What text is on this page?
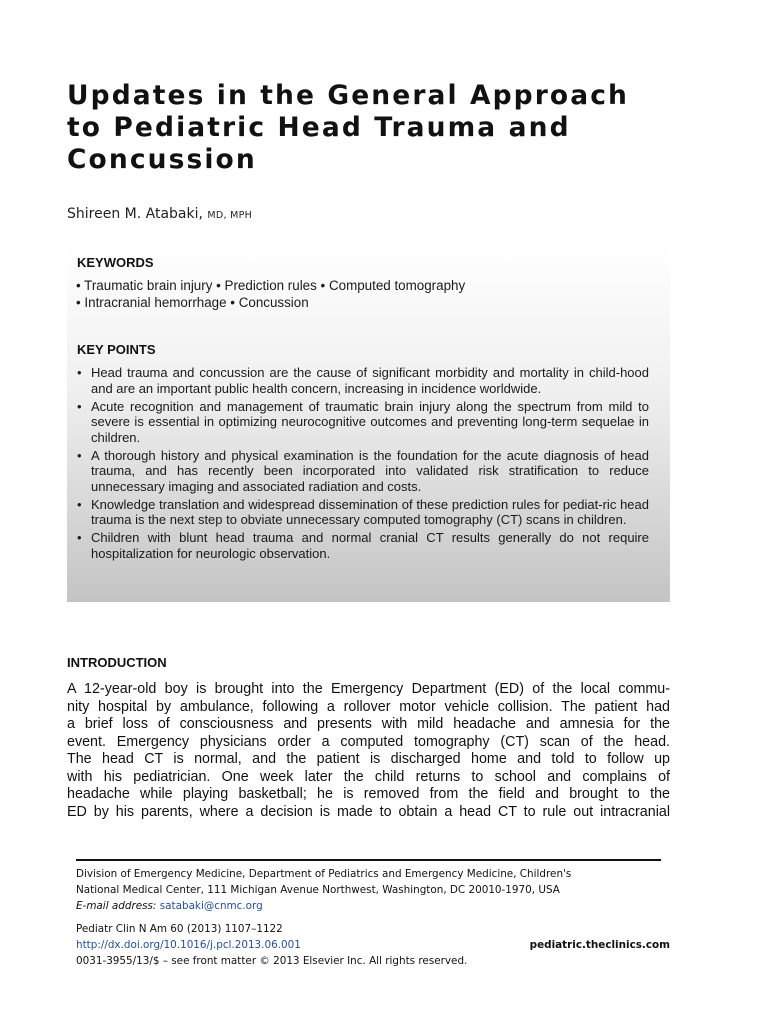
Updates in the General Approach
to Pediatric Head Trauma and
Concussion
Shireen M. Atabaki, MD, MPH
KEYWORDS
• Traumatic brain injury • Prediction rules • Computed tomography
• Intracranial hemorrhage • Concussion
KEY POINTS
• Head trauma and concussion are the cause of significant morbidity and mortality in child-hood and are an important public health concern, increasing in incidence worldwide.
• Acute recognition and management of traumatic brain injury along the spectrum from mild to severe is essential in optimizing neurocognitive outcomes and preventing long-term sequelae in children.
• A thorough history and physical examination is the foundation for the acute diagnosis of head trauma, and has recently been incorporated into validated risk stratification to reduce unnecessary imaging and associated radiation and costs.
• Knowledge translation and widespread dissemination of these prediction rules for pediat-ric head trauma is the next step to obviate unnecessary computed tomography (CT) scans in children.
• Children with blunt head trauma and normal cranial CT results generally do not require hospitalization for neurologic observation.
INTRODUCTION
A 12-year-old boy is brought into the Emergency Department (ED) of the local commu-
nity hospital by ambulance, following a rollover motor vehicle collision. The patient had
a brief loss of consciousness and presents with mild headache and amnesia for the
event. Emergency physicians order a computed tomography (CT) scan of the head.
The head CT is normal, and the patient is discharged home and told to follow up
with his pediatrician. One week later the child returns to school and complains of
headache while playing basketball; he is removed from the field and brought to the
ED by his parents, where a decision is made to obtain a head CT to rule out intracranial
Division of Emergency Medicine, Department of Pediatrics and Emergency Medicine, Children's
National Medical Center, 111 Michigan Avenue Northwest, Washington, DC 20010-1970, USA
E-mail address: satabaki@cnmc.org
Pediatr Clin N Am 60 (2013) 1107–1122
http://dx.doi.org/10.1016/j.pcl.2013.06.001	pediatric.theclinics.com
0031-3955/13/$ – see front matter © 2013 Elsevier Inc. All rights reserved.
